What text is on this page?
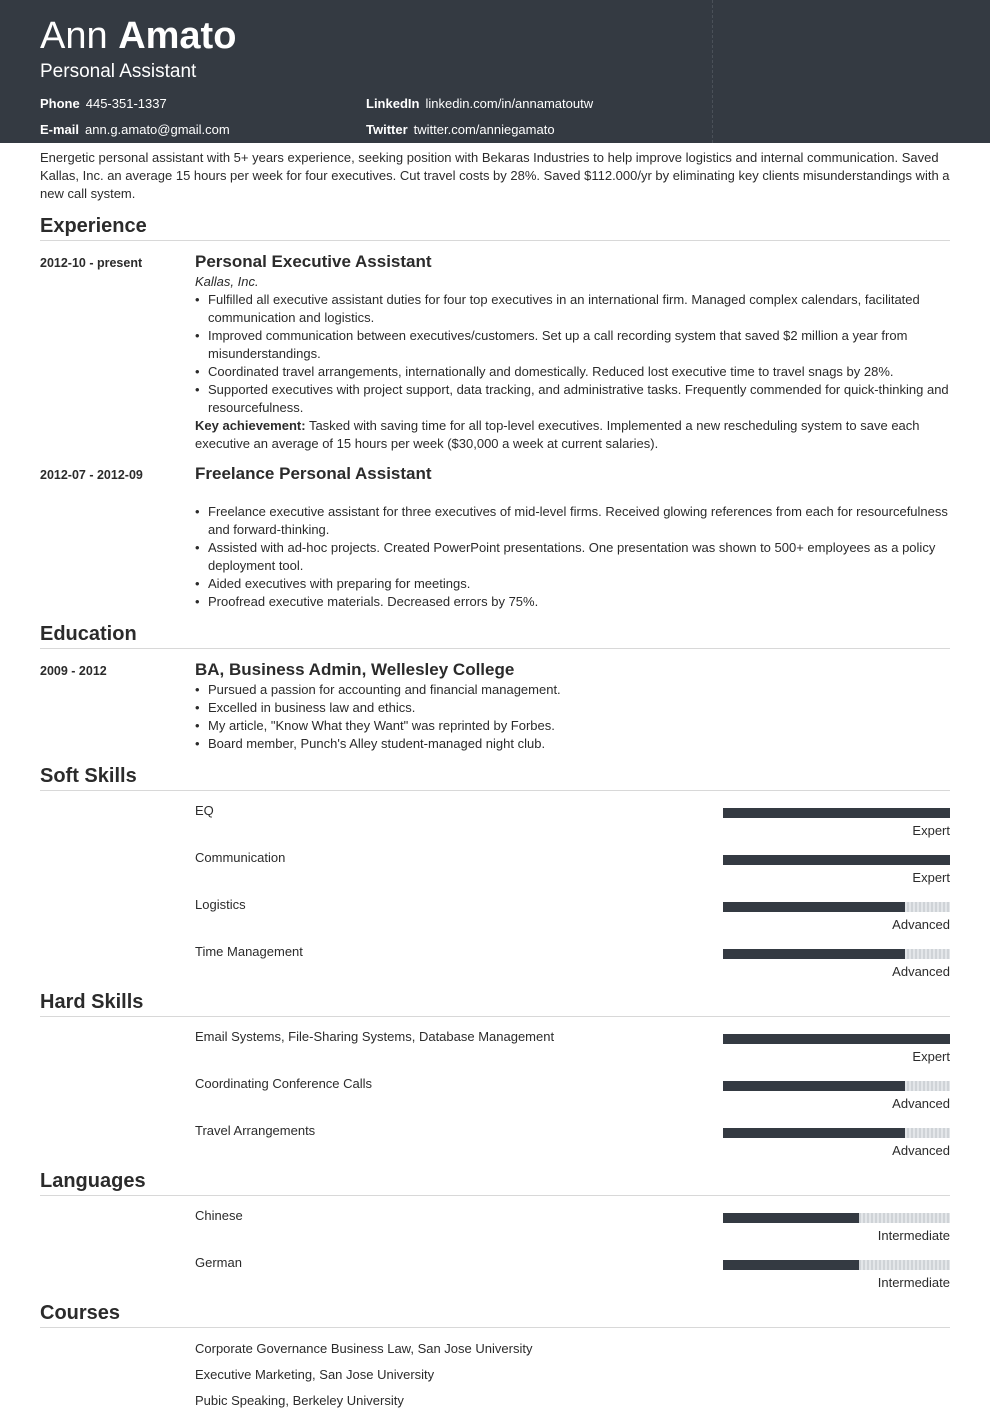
Ann Amato
Personal Assistant
Phone 445-351-1337	LinkedIn linkedin.com/in/annamatoutw
E-mail ann.g.amato@gmail.com	Twitter twitter.com/anniegamato

Energetic personal assistant with 5+ years experience, seeking position with Bekaras Industries to help improve logistics and internal communication. Saved Kallas, Inc. an average 15 hours per week for four executives. Cut travel costs by 28%. Saved $112.000/yr by eliminating key clients misunderstandings with a new call system.

Experience
2012-10 - present	Personal Executive Assistant
Kallas, Inc.
• Fulfilled all executive assistant duties for four top executives in an international firm. Managed complex calendars, facilitated communication and logistics.
• Improved communication between executives/customers. Set up a call recording system that saved $2 million a year from misunderstandings.
• Coordinated travel arrangements, internationally and domestically. Reduced lost executive time to travel snags by 28%.
• Supported executives with project support, data tracking, and administrative tasks. Frequently commended for quick-thinking and resourcefulness.
Key achievement: Tasked with saving time for all top-level executives. Implemented a new rescheduling system to save each executive an average of 15 hours per week ($30,000 a week at current salaries).
2012-07 - 2012-09	Freelance Personal Assistant
• Freelance executive assistant for three executives of mid-level firms. Received glowing references from each for resourcefulness and forward-thinking.
• Assisted with ad-hoc projects. Created PowerPoint presentations. One presentation was shown to 500+ employees as a policy deployment tool.
• Aided executives with preparing for meetings.
• Proofread executive materials. Decreased errors by 75%.
Education
2009 - 2012	BA, Business Admin, Wellesley College
• Pursued a passion for accounting and financial management.
• Excelled in business law and ethics.
• My article, "Know What they Want" was reprinted by Forbes.
• Board member, Punch's Alley student-managed night club.
Soft Skills
EQ
Expert
Communication
Expert
Logistics
Advanced
Time Management
Advanced
Hard Skills
Email Systems, File-Sharing Systems, Database Management
Expert
Coordinating Conference Calls
Advanced
Travel Arrangements
Advanced
Languages
Chinese
Intermediate
German
Intermediate
Courses
Corporate Governance Business Law, San Jose University
Executive Marketing, San Jose University
Pubic Speaking, Berkeley University
